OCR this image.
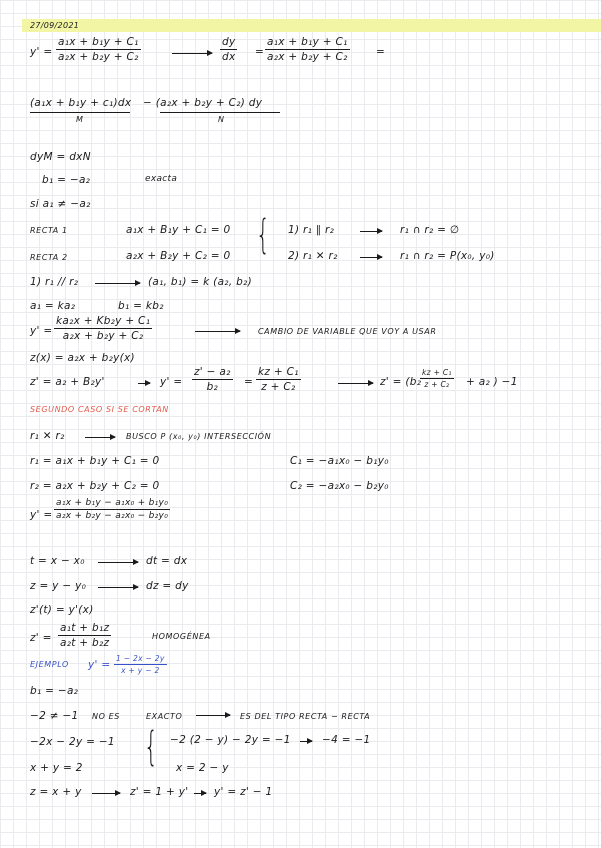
27/09/2021
$y' = \frac{\text{a₁x + b₁y + C₁}}{\text{a₂x + b₂y + C₂}}$	$\frac{dy}{dx} = \frac{\text{a₁x + b₁y + C₁}}{\text{a₂x + b₂y + C₂}}$	=
(a₁x + b₁y + c₁)dx
M
− (a₂x + b₂y + C₂) dy
N
dyM = dxN
b₁ = −a₂	exacta
si a₁ ≠ −a₂
RECTA 1	a₁x + B₁y + C₁ = 0 { 1) r₁ ∥ r₂	r₁ ∩ r₂ = ∅
RECTA 2	a₂x + B₂y + C₂ = 0	2) r₁ ✕ r₂	r₁ ∩ r₂ = P(x₀, y₀)
1) r₁ // r₂	(a₁, b₁) = k (a₂, b₂)
a₁ = ka₂	b₁ = kb₂
$y' = \frac{\text{ka₂x + Kb₂y + C₁}}{\text{a₂x + b₂y + C₂}}$	CAMBIO DE VARIABLE QUE VOY A USAR
z(x) = a₂x + b₂y(x)
z' = a₂ + B₂y'	$y' = \frac{\text{z' − a₂}}{\text{b₂}} = \frac{\text{kz + C₁}}{\text{z + C₂}}$	z' = (b₂
$\frac{\text{kz + C₁}}{\text{z + C₂}} + a_2$ ) −1
SEGUNDO CASO SI SE CORTAN
r₁ ✕ r₂	BUSCO P (x₀, y₀) INTERSECCIÓN
r₁ = a₁x + b₁y + C₁ = 0	C₁ = −a₁x₀ − b₁y₀
r₂ = a₂x + b₂y + C₂ = 0	C₂ = −a₂x₀ − b₂y₀
$y' = \frac{\text{a₁x + b₁y − a₁x₀ + b₁y₀}}{\text{a₂x + b₂y − a₂x₀ − b₂y₀}}$
t = x − x₀	dt = dx
z = y − y₀	dz = dy
z'(t) = y'(x)
$z' = \frac{\text{a₁t + b₁z}}{\text{a₂t + b₂z}}$	HOMOGÉNEA
EJEMPLO $y' = \frac{1 - 2x - 2y}{x + y - 2}$
b₁ = −a₂
−2 ≠ −1 NO ES	EXACTO	ES DEL TIPO RECTA − RECTA
−2x − 2y = −1 { −2 (2 − y) − 2y = −1	−4 = −1
x + y = 2	x = 2 − y
z = x + y	z' = 1 + y' y' = z' − 1
